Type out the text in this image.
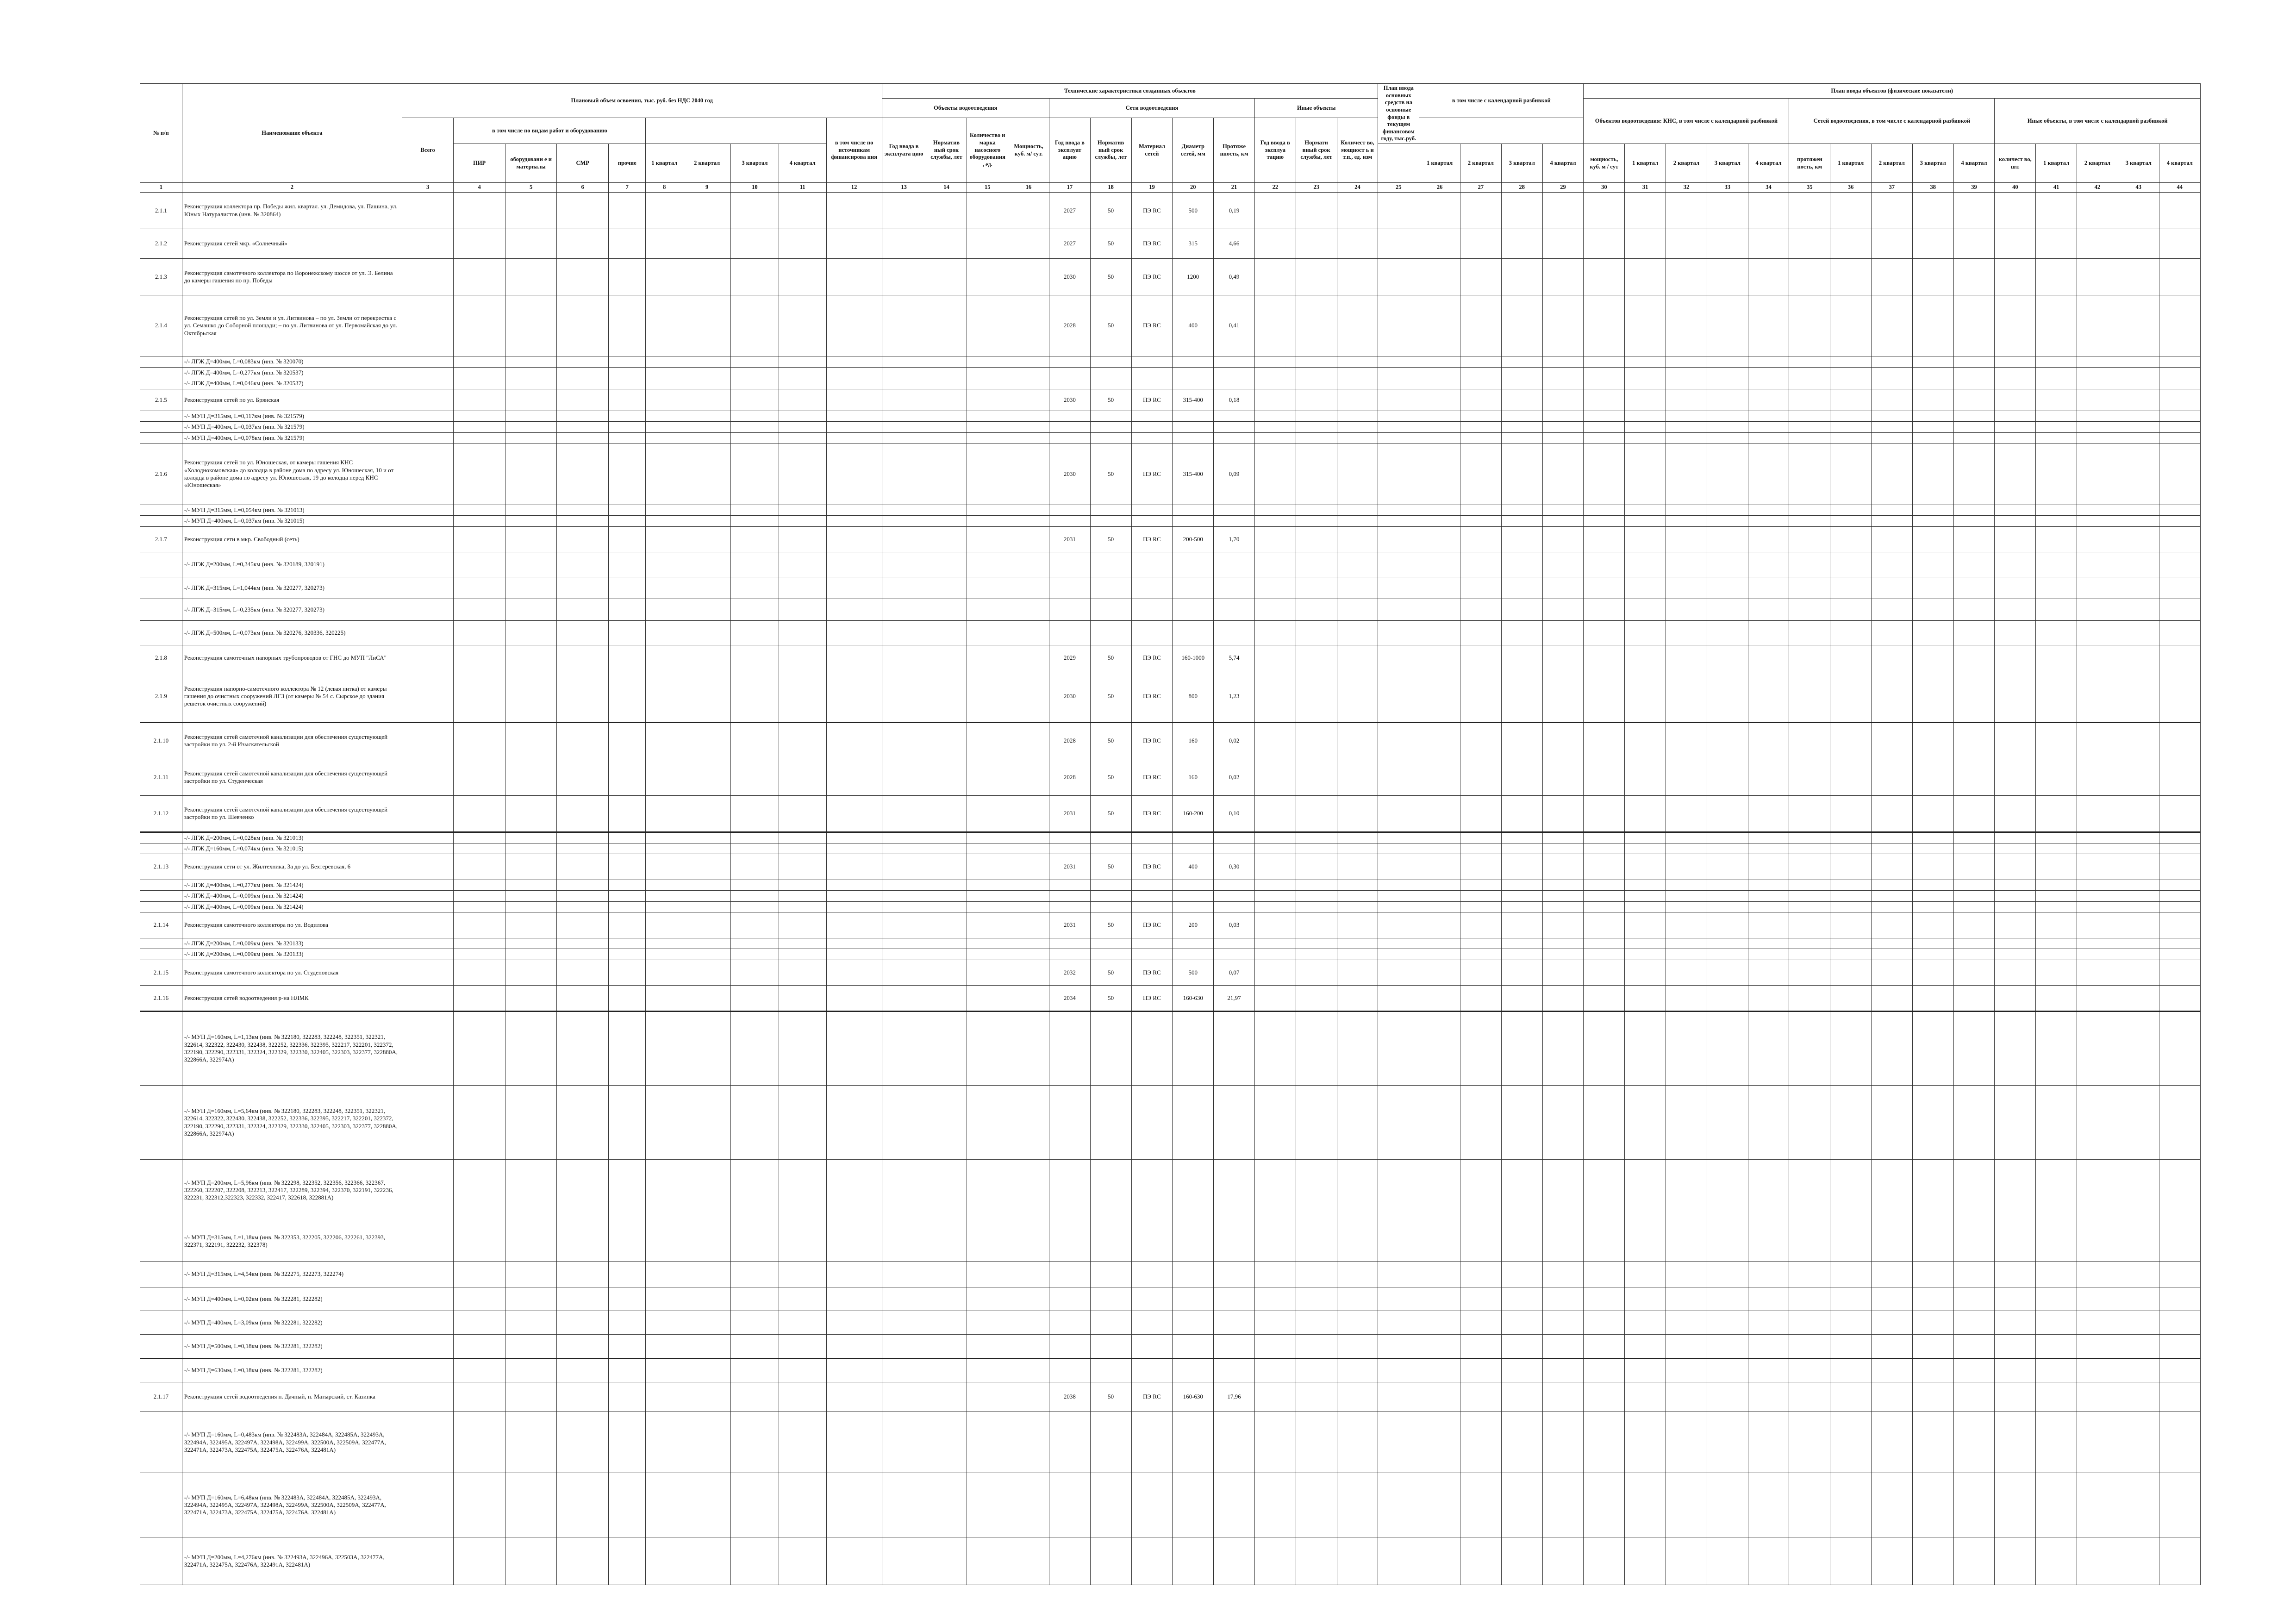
№ п/п	Наименование объекта	Плановый объем освоения, тыс. руб. без НДС 2040 год										Технические характеристики созданных объектов												План ввода основных средств на основные фонды в текущем финансовом году, тыс.руб.	в том числе с календарной разбивкой				План ввода объектов (физические показатели)														
												Объекты водоотведения				Сети водоотведения					Иные объекты								Объектов водоотведения: КНС, в том числе с календарной разбивкой					Сетей водоотведения, в том числе с календарной разбивкой					Иные объекты, в том числе с календарной разбивкой				
		Всего	в том числе по видам работ и оборудованию								в том числе по источникам финансирова ния	Год ввода в эксплуата цию	Норматив ный срок службы, лет	Количество и марка насосного оборудования , ед.	Мощность, куб. м/ сут.	Год ввода в эксплуат ацию	Норматив ный срок службы, лет	Материал сетей	Диаметр сетей, мм	Протяже нность, км	Год ввода в эксплуа тацию	Нормати вный срок службы, лет	Количест во, мощност ь и т.п., ед. изм																				
			ПИР	оборудовани е и материалы	СМР	прочие	1 квартал	2 квартал	3 квартал	4 квартал															1 квартал	2 квартал	3 квартал	4 квартал	мощность, куб. м / сут	1 квартал	2 квартал	3 квартал	4 квартал	протяжен ность, км	1 квартал	2 квартал	3 квартал	4 квартал	количест во, шт.	1 квартал	2 квартал	3 квартал	4 квартал
1	2	3	4	5	6	7	8	9	10	11	12	13	14	15	16	17	18	19	20	21	22	23	24	25	26	27	28	29	30	31	32	33	34	35	36	37	38	39	40	41	42	43	44
2.1.1	Реконструкция коллектора пр. Победы жил. квартал. ул. Демидова, ул. Пашина, ул. Юных Натуралистов (инв. № 320864)															2027	50	ПЭ RC	500	0,19																							
2.1.2	Реконструкция сетей мкр. «Солнечный»															2027	50	ПЭ RC	315	4,66																							
2.1.3	Реконструкция самотечного коллектора по Воронежскому шоссе от ул. Э. Белина до камеры гашения по пр. Победы															2030	50	ПЭ RC	1200	0,49																							
2.1.4	Реконструкция сетей по ул. Земли и ул. Литвинова – по ул. Земли от перекрестка с ул. Семашко до Соборной площади; – по ул. Литвинова от ул. Первомайская до ул. Октябрьская															2028	50	ПЭ RC	400	0,41																							
	-/- ЛГЖ Д=400мм, L=0,083км (инв. № 320070)																																										
	-/- ЛГЖ Д=400мм, L=0,277км (инв. № 320537)																																										
	-/- ЛГЖ Д=400мм, L=0,046км (инв. № 320537)																																										
2.1.5	Реконструкция сетей по ул. Брянская															2030	50	ПЭ RC	315-400	0,18																							
	-/- МУП Д=315мм, L=0,117км (инв. № 321579)																																										
	-/- МУП Д=400мм, L=0,037км (инв. № 321579)																																										
	-/- МУП Д=400мм, L=0,078км (инв. № 321579)																																										
2.1.6	Реконструкция сетей по ул. Юношеская, от камеры гашения КНС «Холоднокомовская» до колодца в районе дома по адресу ул. Юношеская, 10 и от колодца в районе дома по адресу ул. Юношеская, 19 до колодца перед КНС «Юношеская»															2030	50	ПЭ RC	315-400	0,09																							
	-/- МУП Д=315мм, L=0,054км (инв. № 321013)																																										
	-/- МУП Д=400мм, L=0,037км (инв. № 321015)																																										
2.1.7	Реконструкция сети в мкр. Свободный (сеть)															2031	50	ПЭ RC	200-500	1,70																							
	-/- ЛГЖ Д=200мм, L=0,345км (инв. № 320189, 320191)																																										
	-/- ЛГЖ Д=315мм, L=1,044км (инв. № 320277, 320273)																																										
	-/- ЛГЖ Д=315мм, L=0,235км (инв. № 320277, 320273)																																										
	-/- ЛГЖ Д=500мм, L=0,073км (инв. № 320276, 320336, 320225)																																										
2.1.8	Реконструкция самотечных напорных трубопроводов от ГНС до МУП "ЛиСА"															2029	50	ПЭ RC	160-1000	5,74																							
2.1.9	Реконструкция напорно-самотечного коллектора № 12 (левая нитка) от камеры гашения до очистных сооружений ЛГЗ (от камеры № 54 с. Сырское до здания решеток очистных сооружений)															2030	50	ПЭ RC	800	1,23																							
2.1.10	Реконструкция сетей самотечной канализации для обеспечения существующей застройки по ул. 2-й Изыскательской															2028	50	ПЭ RC	160	0,02																							
2.1.11	Реконструкция сетей самотечной канализации для обеспечения существующей застройки по ул. Студенческая															2028	50	ПЭ RC	160	0,02																							
2.1.12	Реконструкция сетей самотечной канализации для обеспечения существующей застройки по ул. Шевченко															2031	50	ПЭ RC	160-200	0,10																							
	-/- ЛГЖ Д=200мм, L=0,028км (инв. № 321013)																																										
	-/- ЛГЖ Д=160мм, L=0,074км (инв. № 321015)																																										
2.1.13	Реконструкция сети от ул. Жилтехника, 3а до ул. Бехтеревская, 6															2031	50	ПЭ RC	400	0,30																							
	-/- ЛГЖ Д=400мм, L=0,277км (инв. № 321424)																																										
	-/- ЛГЖ Д=400мм, L=0,009км (инв. № 321424)																																										
	-/- ЛГЖ Д=400мм, L=0,009км (инв. № 321424)																																										
2.1.14	Реконструкция самотечного коллектора по ул. Водилова															2031	50	ПЭ RC	200	0,03																							
	-/- ЛГЖ Д=200мм, L=0,009км (инв. № 320133)																																										
	-/- ЛГЖ Д=200мм, L=0,009км (инв. № 320133)																																										
2.1.15	Реконструкция самотечного коллектора по ул. Студеновская															2032	50	ПЭ RC	500	0,07																							
2.1.16	Реконструкция сетей водоотведения р-на НЛМК															2034	50	ПЭ RC	160-630	21,97																							
	-/- МУП Д=160мм, L=1,13км (инв. № 322180, 322283, 322248, 322351, 322321, 322614, 322322, 322430, 322438, 322252, 322336, 322395, 322217, 322201, 322372, 322190, 322290, 322331, 322324, 322329, 322330, 322405, 322303, 322377, 322880А, 322866А, 322974А)																																										
	-/- МУП Д=160мм, L=5,64км (инв. № 322180, 322283, 322248, 322351, 322321, 322614, 322322, 322430, 322438, 322252, 322336, 322395, 322217, 322201, 322372, 322190, 322290, 322331, 322324, 322329, 322330, 322405, 322303, 322377, 322880А, 322866А, 322974А)																																										
	-/- МУП Д=200мм, L=5,96км (инв. № 322298, 322352, 322356, 322366, 322367, 322260, 322207, 322208, 322213, 322417, 322289, 322394, 322370, 322191, 322236, 322231, 322312,322323, 322332, 322417, 322618, 322881А)																																										
	-/- МУП Д=315мм, L=1,18км (инв. № 322353, 322205, 322206, 322261, 322393, 322371, 322191, 322232, 322378)																																										
	-/- МУП Д=315мм, L=4,54км (инв. № 322275, 322273, 322274)																																										
	-/- МУП Д=400мм, L=0,02км (инв. № 322281, 322282)																																										
	-/- МУП Д=400мм, L=3,09км (инв. № 322281, 322282)																																										
	-/- МУП Д=500мм, L=0,18км (инв. № 322281, 322282)																																										
	-/- МУП Д=630мм, L=0,18км (инв. № 322281, 322282)																																										
2.1.17	Реконструкция сетей водоотведения п. Дачный, п. Матырский, ст. Казинка															2038	50	ПЭ RC	160-630	17,96																							
	-/- МУП Д=160мм, L=0,483км (инв. № 322483А, 322484А, 322485А, 322493А, 322494А, 322495А, 322497А, 322498А, 322499А, 322500А, 322509А, 322477А, 322471А, 322473А, 322475А, 322475А, 322476А, 322481А)																																										
	-/- МУП Д=160мм, L=6,48км (инв. № 322483А, 322484А, 322485А, 322493А, 322494А, 322495А, 322497А, 322498А, 322499А, 322500А, 322509А, 322477А, 322471А, 322473А, 322475А, 322475А, 322476А, 322481А)																																										
	-/- МУП Д=200мм, L=4,276км (инв. № 322493А, 322496А, 322503А, 322477А, 322471А, 322475А, 322476А, 322491А, 322481А)																																										
